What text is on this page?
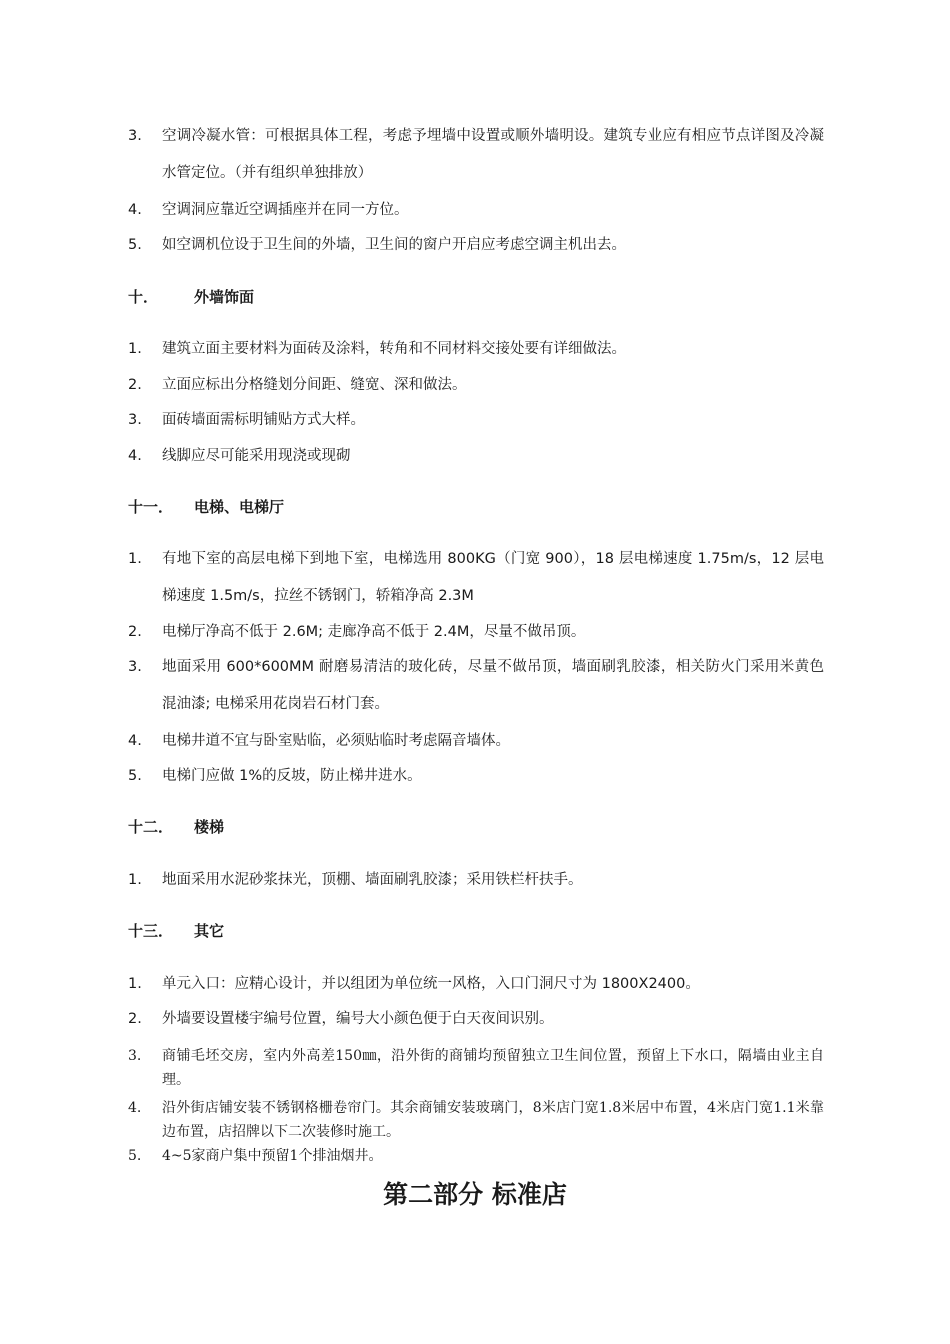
3.	空调冷凝水管：可根据具体工程，考虑予埋墙中设置或顺外墙明设。建筑专业应有相应节点详图及冷凝水管定位。（并有组织单独排放）
4.	空调洞应靠近空调插座并在同一方位。
5.	如空调机位设于卫生间的外墙，卫生间的窗户开启应考虑空调主机出去。
十．	外墙饰面
1.	建筑立面主要材料为面砖及涂料，转角和不同材料交接处要有详细做法。
2.	立面应标出分格缝划分间距、缝宽、深和做法。
3.	面砖墙面需标明铺贴方式大样。
4.	线脚应尽可能采用现浇或现砌
十一．	电梯、电梯厅
1.	有地下室的高层电梯下到地下室，电梯选用 800KG（门宽 900），18 层电梯速度 1.75m/s，12 层电梯速度 1.5m/s，拉丝不锈钢门，轿箱净高 2.3M
2.	电梯厅净高不低于 2.6M; 走廊净高不低于 2.4M，尽量不做吊顶。
3.	地面采用 600*600MM 耐磨易清洁的玻化砖，尽量不做吊顶，墙面刷乳胶漆，相关防火门采用米黄色混油漆; 电梯采用花岗岩石材门套。
4.	电梯井道不宜与卧室贴临，必须贴临时考虑隔音墙体。
5.	电梯门应做 1%的反坡，防止梯井进水。
十二．	楼梯
1.	地面采用水泥砂浆抹光，顶棚、墙面刷乳胶漆；采用铁栏杆扶手。
十三．	其它
1.	单元入口：应精心设计，并以组团为单位统一风格，入口门洞尺寸为 1800X2400。
2.	外墙要设置楼宇编号位置，编号大小颜色便于白天夜间识别。
3.	商铺毛坯交房，室内外高差150㎜，沿外街的商铺均预留独立卫生间位置，预留上下水口，隔墙由业主自理。
4.	沿外街店铺安装不锈钢格栅卷帘门。其余商铺安装玻璃门，8米店门宽1.8米居中布置，4米店门宽1.1米靠边布置，店招牌以下二次装修时施工。
5.	4~5家商户集中预留1个排油烟井。
第二部分 标准店
